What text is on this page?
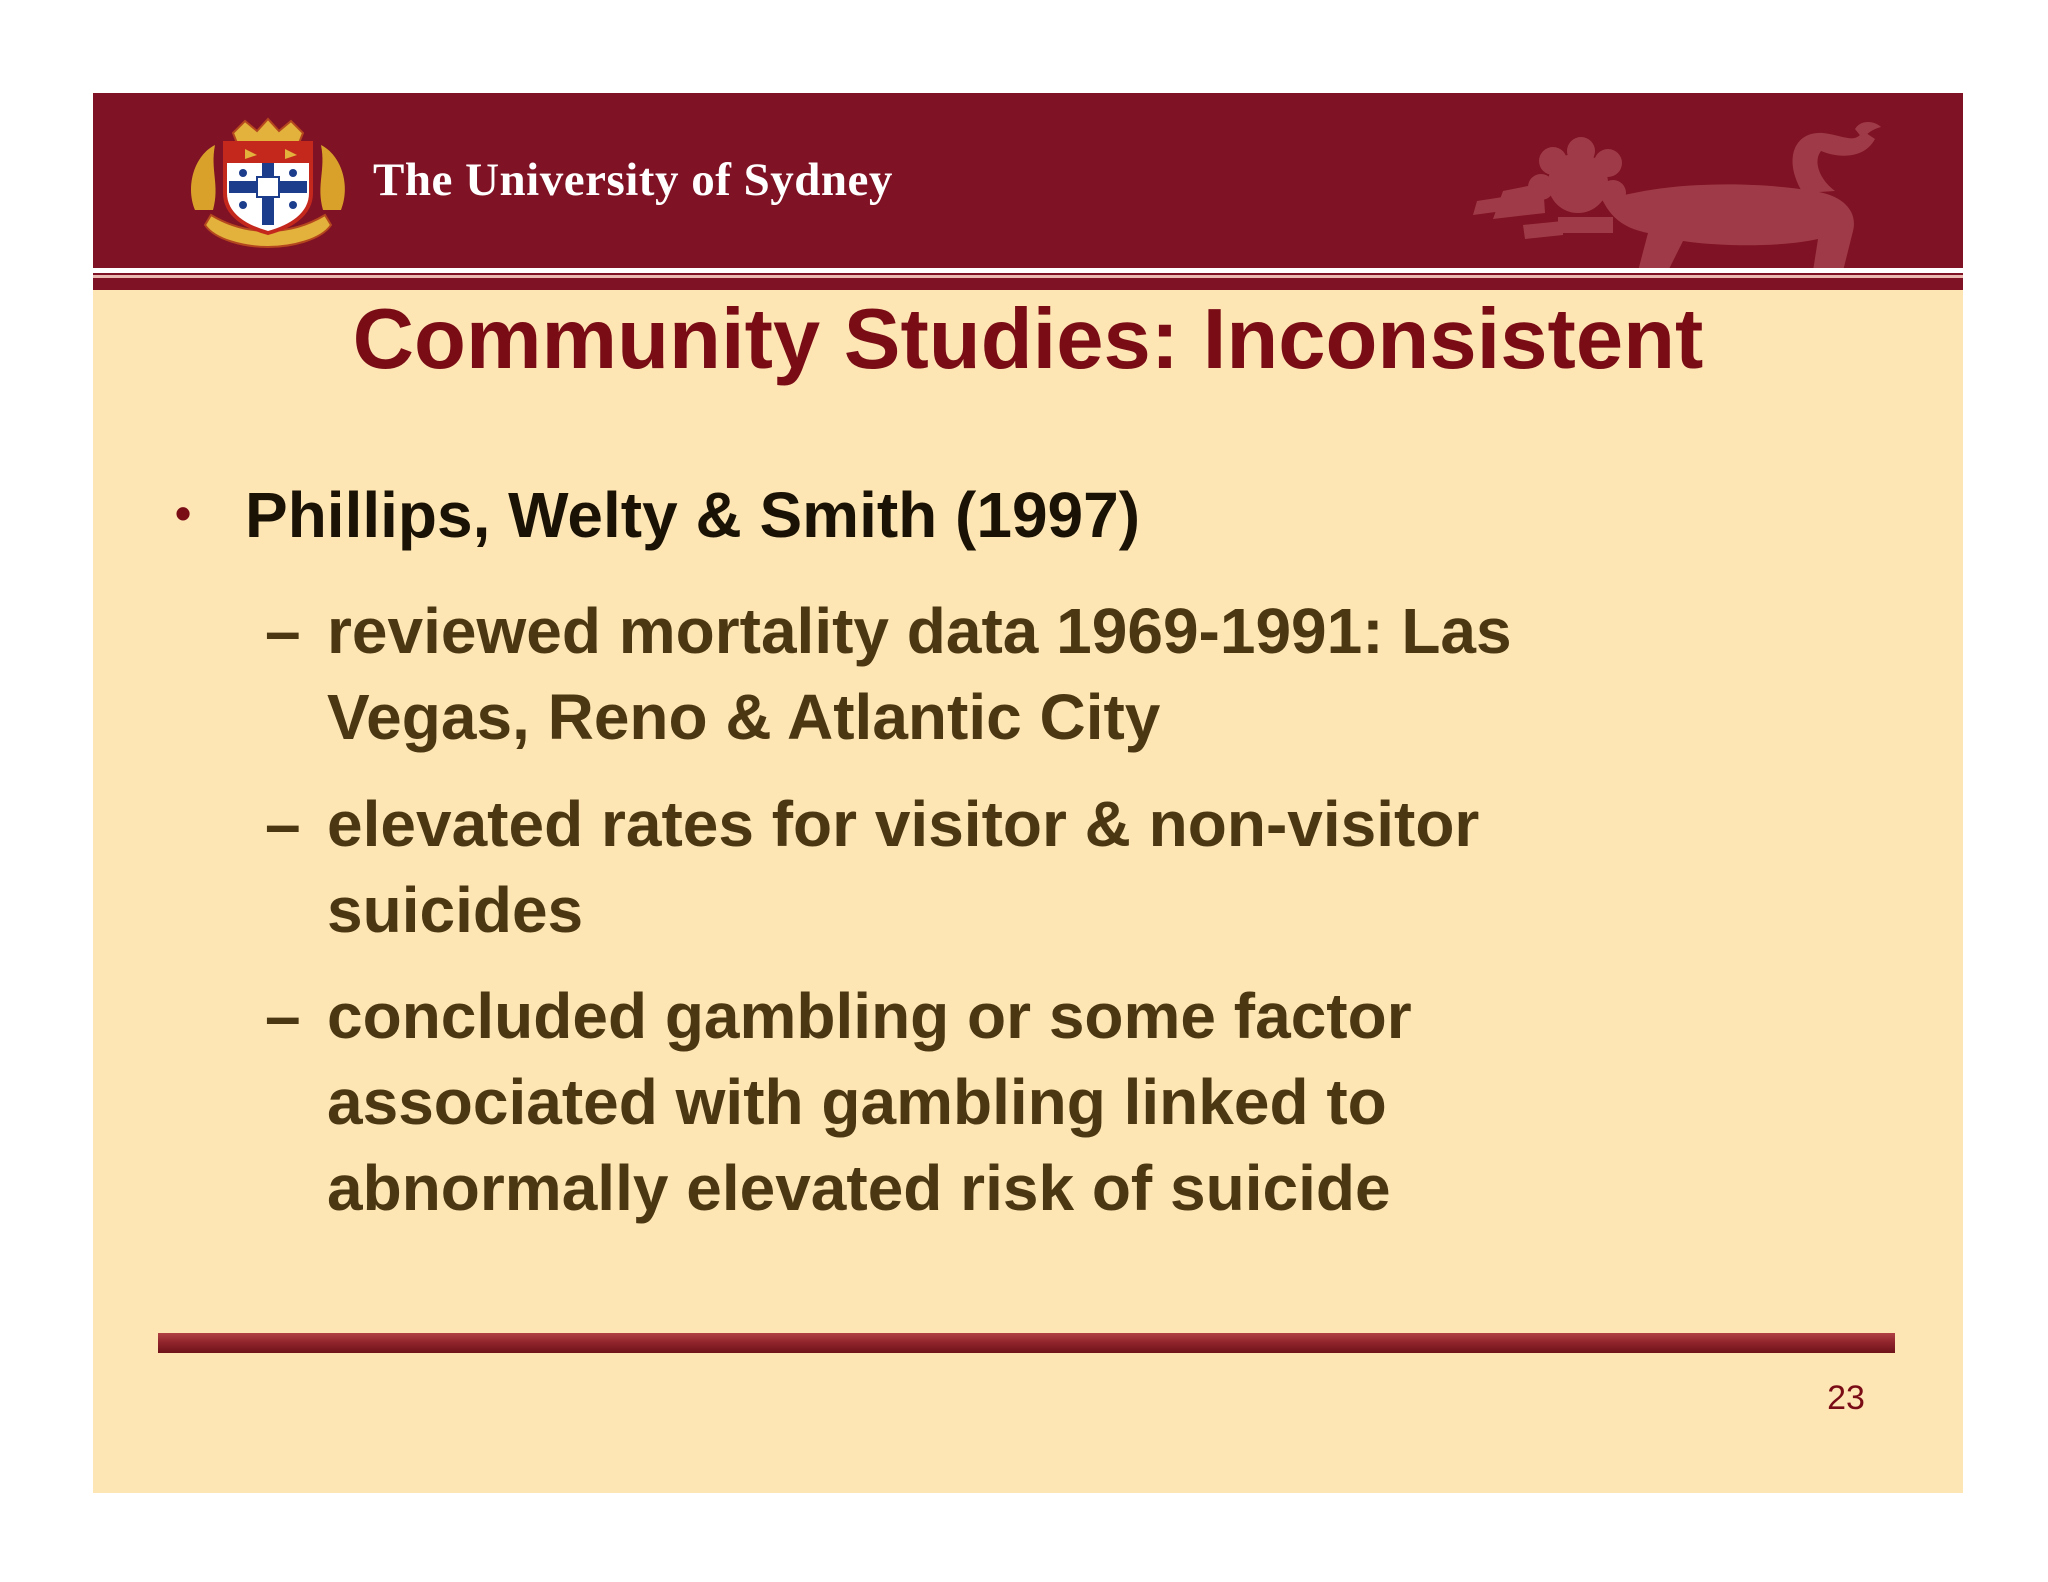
The University of Sydney
Community Studies: Inconsistent
• Phillips, Welty & Smith (1997)
– reviewed mortality data 1969-1991: Las
Vegas, Reno & Atlantic City
– elevated rates for visitor & non-visitor
suicides
– concluded gambling or some factor
associated with gambling linked to
abnormally elevated risk of suicide
23
